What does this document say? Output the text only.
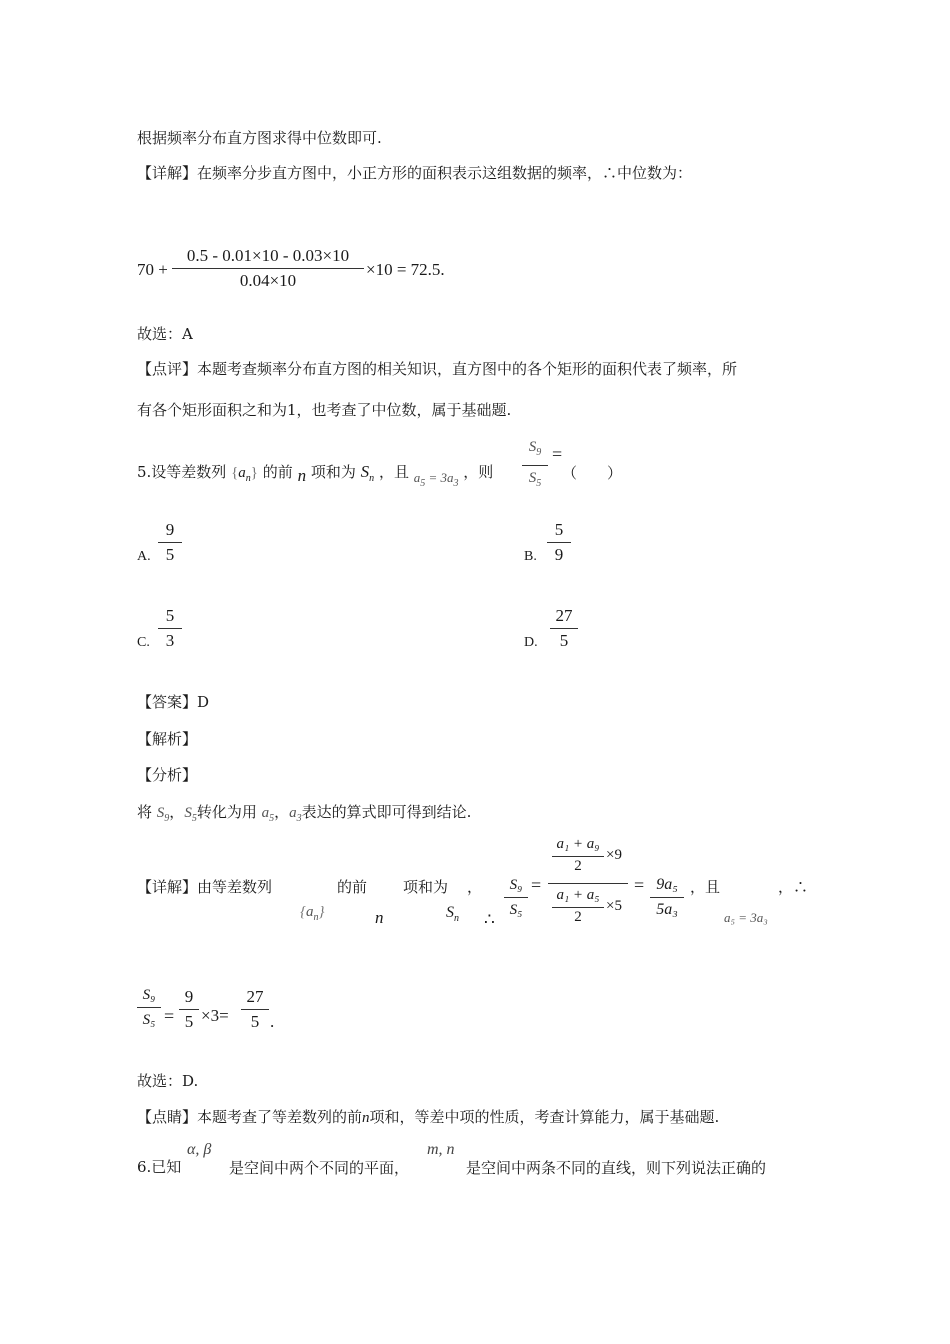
根据频率分布直方图求得中位数即可.
【详解】在频率分步直方图中，小正方形的面积表示这组数据的频率，∴中位数为：
70 +
0.5 - 0.01×10 - 0.03×10
0.04×10
×10 = 72.5.
故选：A
【点评】本题考查频率分布直方图的相关知识，直方图中的各个矩形的面积代表了频率，所
有各个矩形面积之和为1，也考查了中位数，属于基础题.
5.设等差数列 $\{a_n\}$ 的前 n 项和为 $S_n$ ，且 $a_5 = 3a_3$ ，则
$S_9$
$S_5$
=
（　　）
A.
9
5	B.
5
9
C.
5
3	D.
27
5
【答案】D
【解析】
【分析】
将 $S_9$，$S_5$转化为用 $a_5$，$a_3$表达的算式即可得到结论.
【详解】由等差数列	的前 项和为 ，
$\{a_n\}$	n	$S_n$ ∴
S₉
S₅
=
a₁ + a₉
2
×9
a₁ + a₅
2
×5
= 9a₅
5a₃
，且
a₅ = 3a₃
，∴
S₉
S₅ =
9
5 ×3=
27
5 .
故选：D.
【点睛】本题考查了等差数列的前n项和，等差中项的性质，考查计算能力，属于基础题.
6.已知
α, β
是空间中两个不同的平面，
m, n
是空间中两条不同的直线，则下列说法正确的
